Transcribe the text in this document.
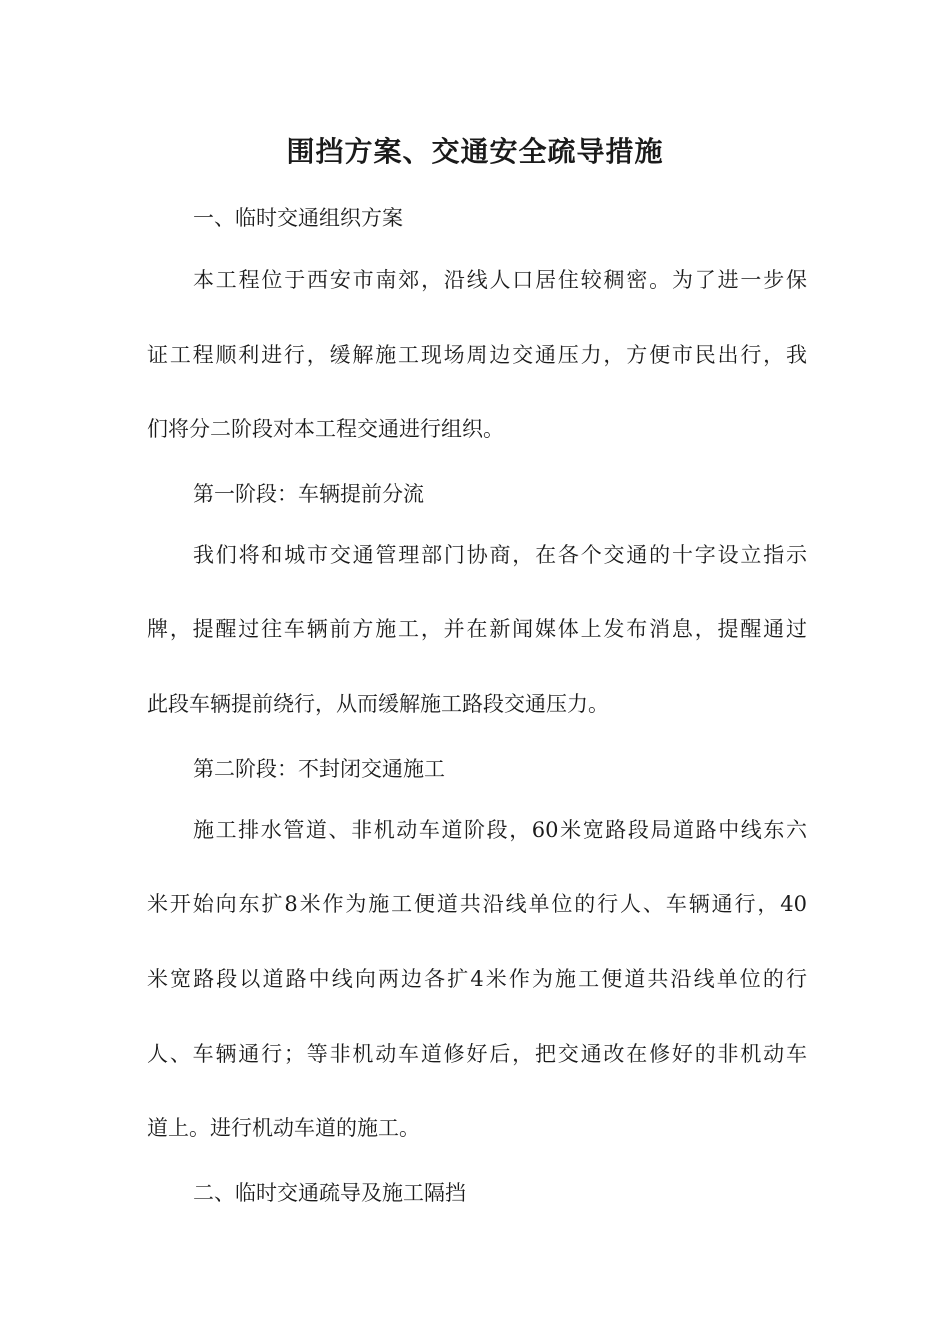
围挡方案、交通安全疏导措施
一、临时交通组织方案
本工程位于西安市南郊，沿线人口居住较稠密。为了进一步保
证工程顺利进行，缓解施工现场周边交通压力，方便市民出行，我
们将分二阶段对本工程交通进行组织。
第一阶段：车辆提前分流
我们将和城市交通管理部门协商，在各个交通的十字设立指示
牌，提醒过往车辆前方施工，并在新闻媒体上发布消息，提醒通过
此段车辆提前绕行，从而缓解施工路段交通压力。
第二阶段：不封闭交通施工
施工排水管道、非机动车道阶段，60米宽路段局道路中线东六
米开始向东扩8米作为施工便道共沿线单位的行人、车辆通行，40
米宽路段以道路中线向两边各扩4米作为施工便道共沿线单位的行
人、车辆通行；等非机动车道修好后，把交通改在修好的非机动车
道上。进行机动车道的施工。
二、临时交通疏导及施工隔挡
